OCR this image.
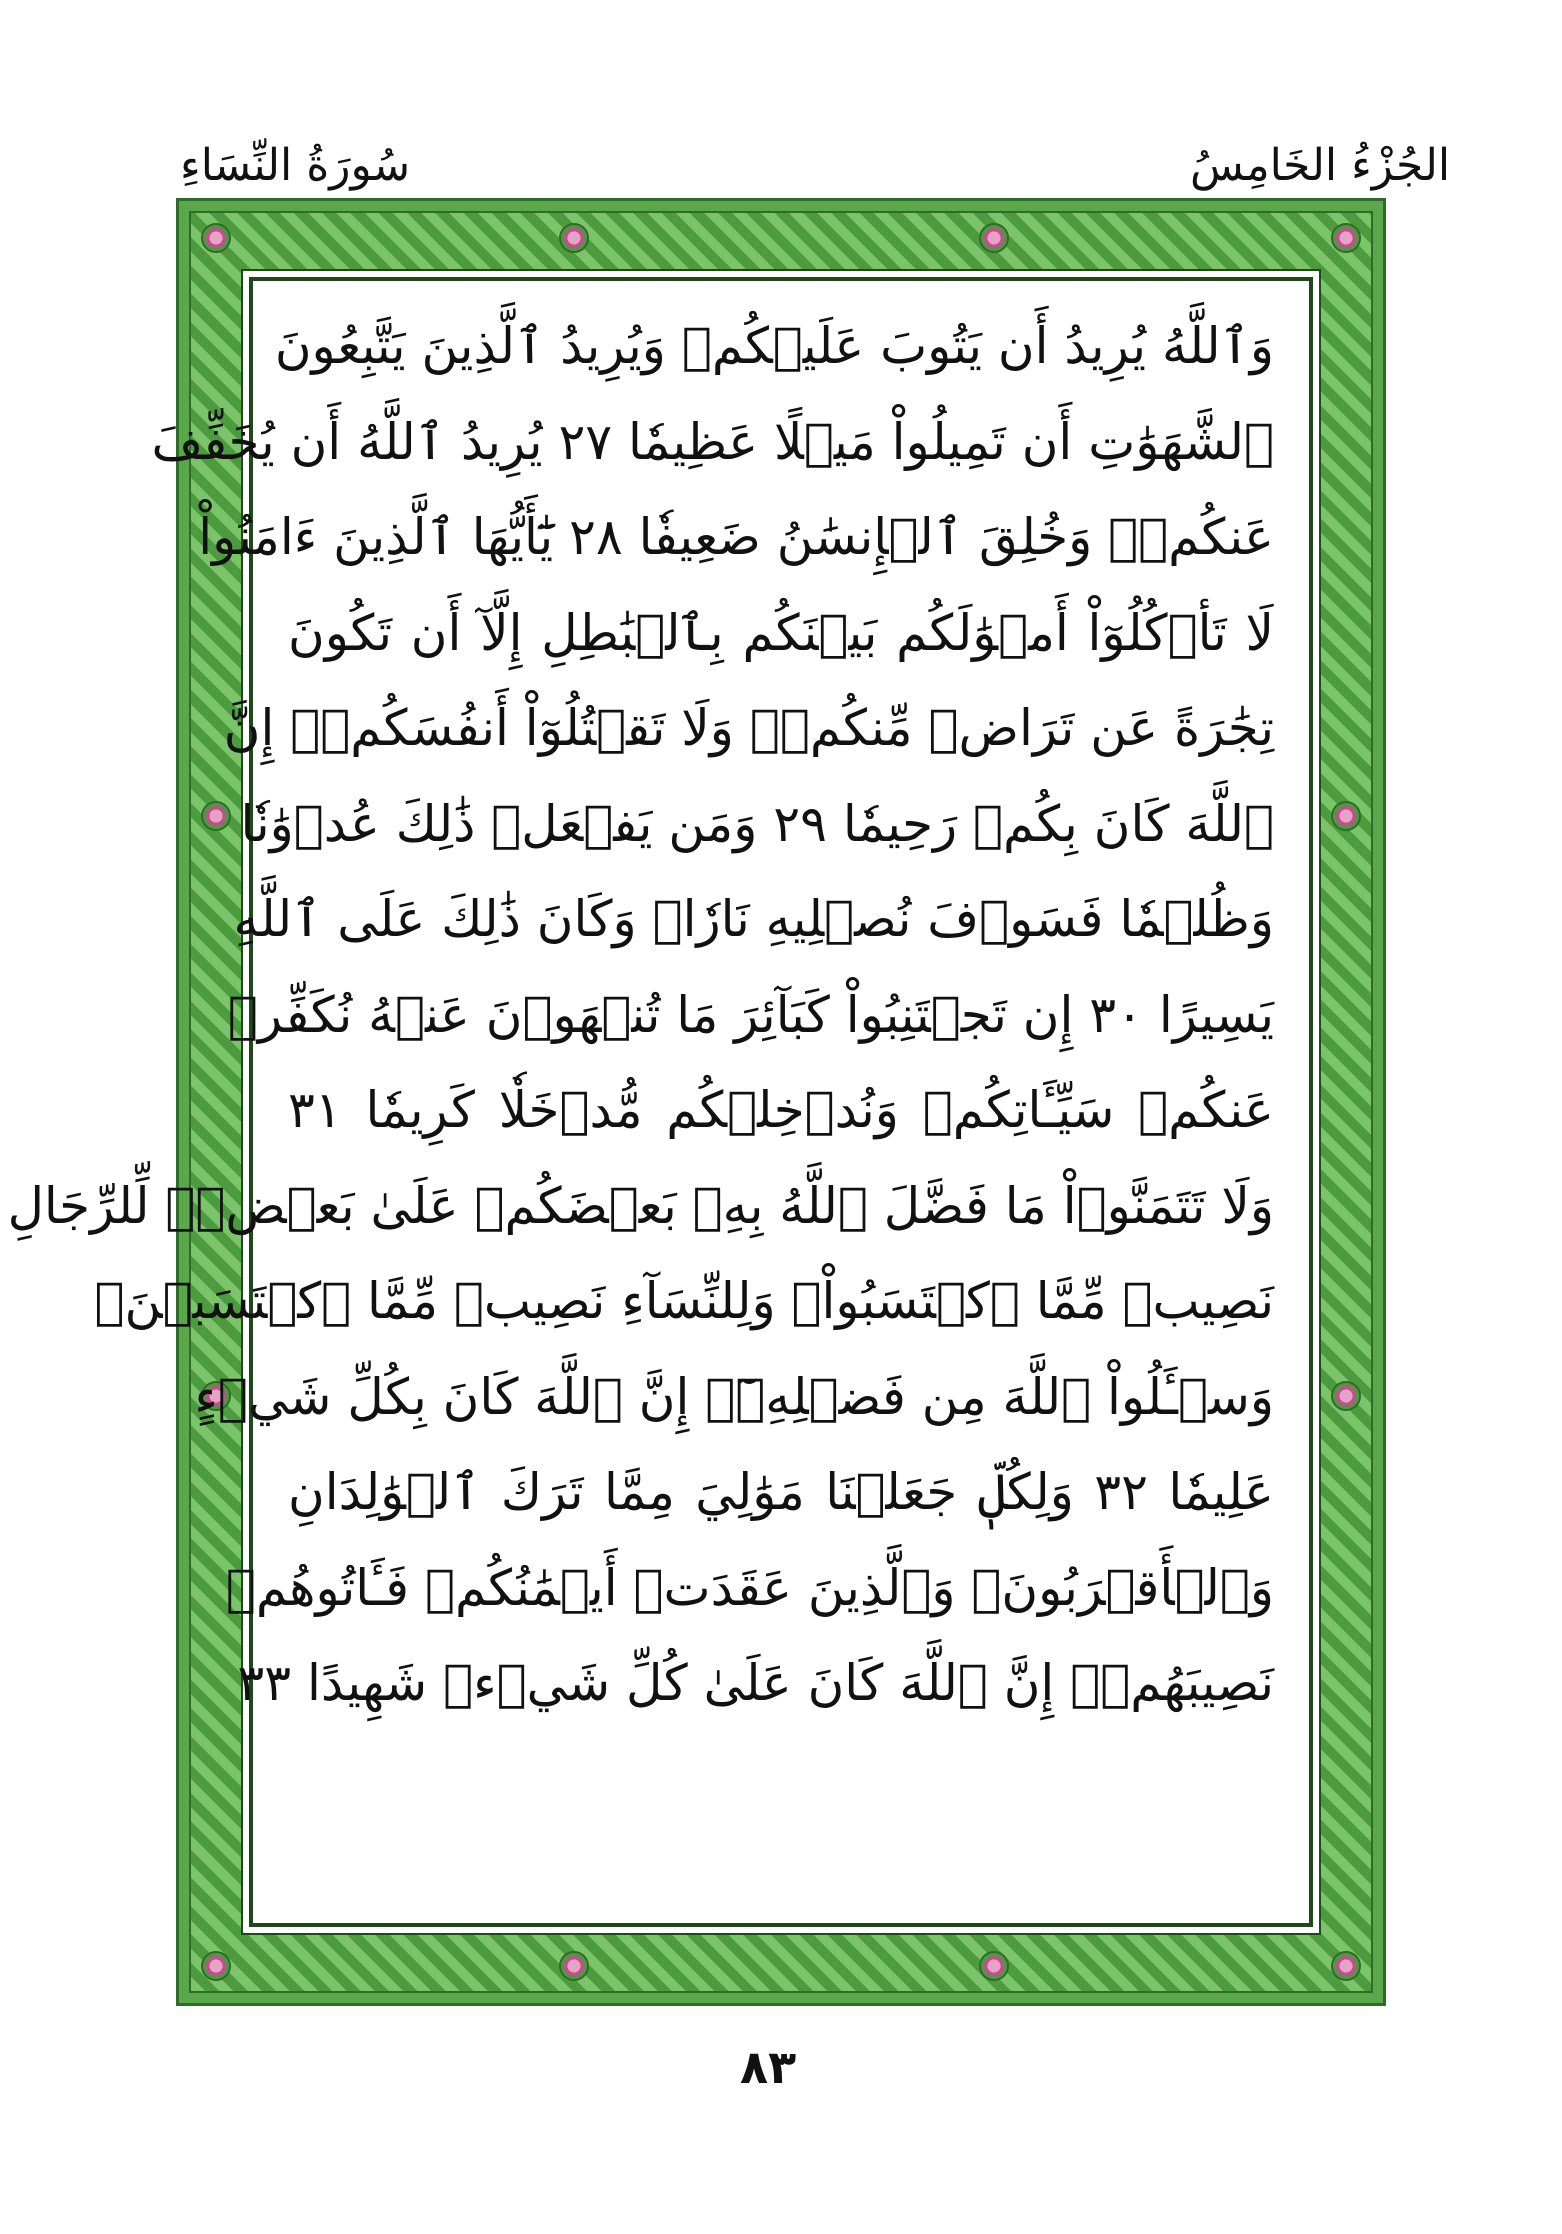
الجُزْءُ الخَامِسُ
سُورَةُ النِّسَاءِ
وَٱللَّهُ يُرِيدُ أَن يَتُوبَ عَلَيۡكُمۡ وَيُرِيدُ ٱلَّذِينَ يَتَّبِعُونَ
ٱلشَّهَوَٰتِ أَن تَمِيلُواْ مَيۡلًا عَظِيمٗا ٢٧ يُرِيدُ ٱللَّهُ أَن يُخَفِّفَ
عَنكُمۡۚ وَخُلِقَ ٱلۡإِنسَٰنُ ضَعِيفٗا ٢٨ يَٰٓأَيُّهَا ٱلَّذِينَ ءَامَنُواْ
لَا تَأۡكُلُوٓاْ أَمۡوَٰلَكُم بَيۡنَكُم بِٱلۡبَٰطِلِ إِلَّآ أَن تَكُونَ
تِجَٰرَةً عَن تَرَاضٖ مِّنكُمۡۚ وَلَا تَقۡتُلُوٓاْ أَنفُسَكُمۡۚ إِنَّ
ٱللَّهَ كَانَ بِكُمۡ رَحِيمٗا ٢٩ وَمَن يَفۡعَلۡ ذَٰلِكَ عُدۡوَٰنٗا
وَظُلۡمٗا فَسَوۡفَ نُصۡلِيهِ نَارٗاۚ وَكَانَ ذَٰلِكَ عَلَى ٱللَّهِ
يَسِيرًا ٣٠ إِن تَجۡتَنِبُواْ كَبَآئِرَ مَا تُنۡهَوۡنَ عَنۡهُ نُكَفِّرۡ
عَنكُمۡ سَيِّـَٔاتِكُمۡ وَنُدۡخِلۡكُم مُّدۡخَلٗا كَرِيمٗا ٣١
وَلَا تَتَمَنَّوۡاْ مَا فَضَّلَ ٱللَّهُ بِهِۦ بَعۡضَكُمۡ عَلَىٰ بَعۡضٖۚ لِّلرِّجَالِ
نَصِيبٞ مِّمَّا ٱكۡتَسَبُواْۖ وَلِلنِّسَآءِ نَصِيبٞ مِّمَّا ٱكۡتَسَبۡنَۚ
وَسۡـَٔلُواْ ٱللَّهَ مِن فَضۡلِهِۦٓۚ إِنَّ ٱللَّهَ كَانَ بِكُلِّ شَيۡءٍ
عَلِيمٗا ٣٢ وَلِكُلّٖ جَعَلۡنَا مَوَٰلِيَ مِمَّا تَرَكَ ٱلۡوَٰلِدَانِ
وَٱلۡأَقۡرَبُونَۚ وَٱلَّذِينَ عَقَدَتۡ أَيۡمَٰنُكُمۡ فَـَٔاتُوهُمۡ
نَصِيبَهُمۡۚ إِنَّ ٱللَّهَ كَانَ عَلَىٰ كُلِّ شَيۡءٖ شَهِيدًا ٣٣
٨٣
